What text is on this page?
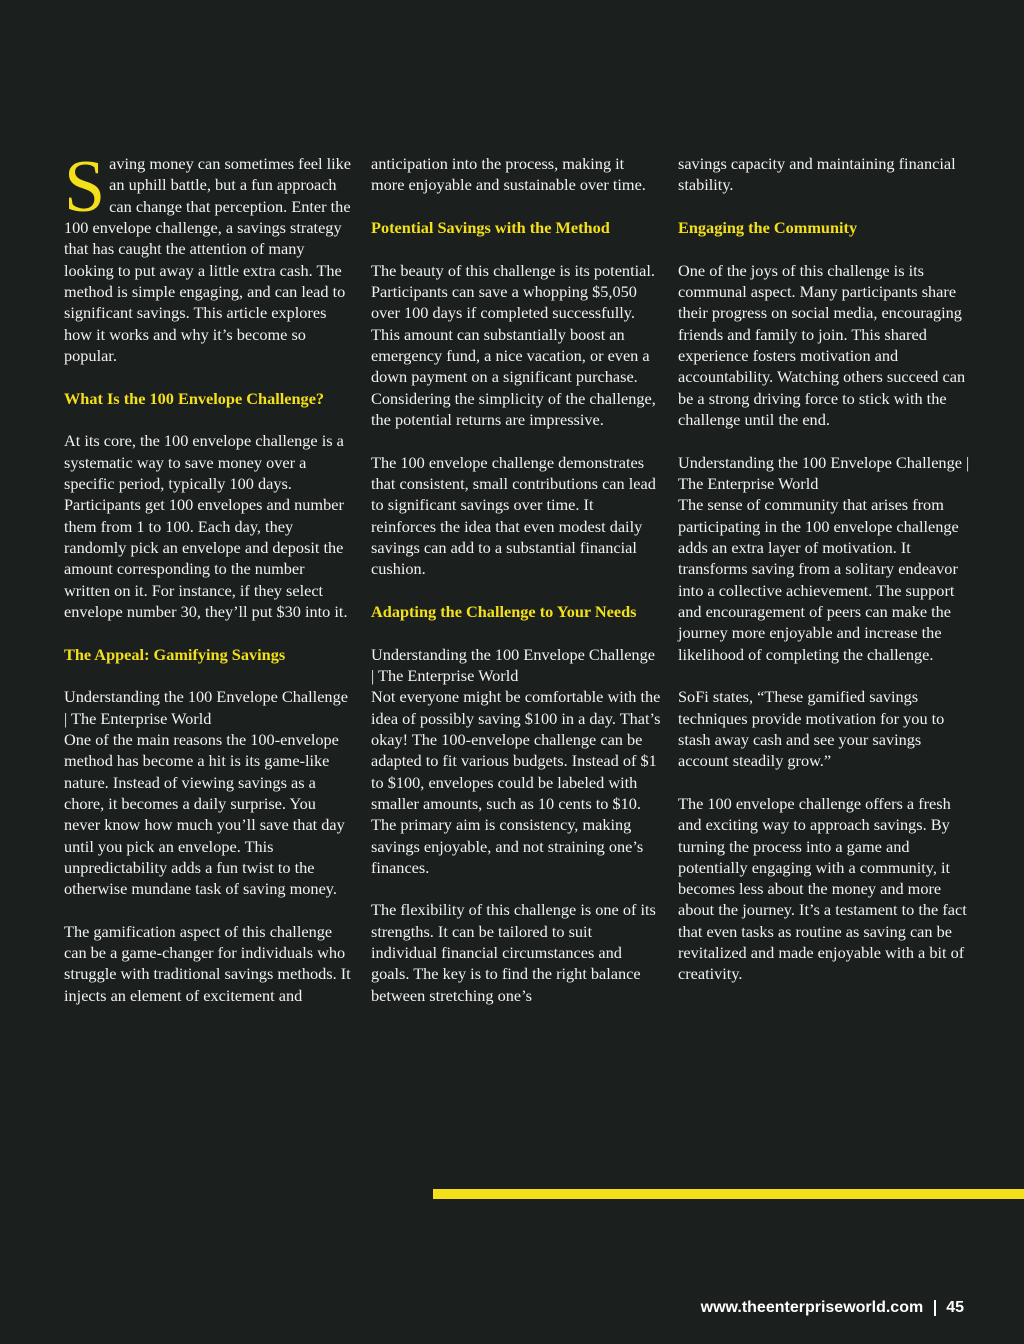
Saving money can sometimes feel like an uphill battle, but a fun approach can change that perception. Enter the 100 envelope challenge, a savings strategy that has caught the attention of many looking to put away a little extra cash. The method is simple engaging, and can lead to significant savings. This article explores how it works and why it’s become so popular.

What Is the 100 Envelope Challenge?

At its core, the 100 envelope challenge is a systematic way to save money over a specific period, typically 100 days. Participants get 100 envelopes and number them from 1 to 100. Each day, they randomly pick an envelope and deposit the amount corresponding to the number written on it. For instance, if they select envelope number 30, they’ll put $30 into it.

The Appeal: Gamifying Savings

Understanding the 100 Envelope Challenge | The Enterprise World
One of the main reasons the 100-envelope method has become a hit is its game-like nature. Instead of viewing savings as a chore, it becomes a daily surprise. You never know how much you’ll save that day until you pick an envelope. This unpredictability adds a fun twist to the otherwise mundane task of saving money.

The gamification aspect of this challenge can be a game-changer for individuals who struggle with traditional savings methods. It injects an element of excitement and

anticipation into the process, making it more enjoyable and sustainable over time.

Potential Savings with the Method

The beauty of this challenge is its potential. Participants can save a whopping $5,050 over 100 days if completed successfully. This amount can substantially boost an emergency fund, a nice vacation, or even a down payment on a significant purchase. Considering the simplicity of the challenge, the potential returns are impressive.

The 100 envelope challenge demonstrates that consistent, small contributions can lead to significant savings over time. It reinforces the idea that even modest daily savings can add to a substantial financial cushion.

Adapting the Challenge to Your Needs

Understanding the 100 Envelope Challenge | The Enterprise World
Not everyone might be comfortable with the idea of possibly saving $100 in a day. That’s okay! The 100-envelope challenge can be adapted to fit various budgets. Instead of $1 to $100, envelopes could be labeled with smaller amounts, such as 10 cents to $10. The primary aim is consistency, making savings enjoyable, and not straining one’s finances.

The flexibility of this challenge is one of its strengths. It can be tailored to suit individual financial circumstances and goals. The key is to find the right balance between stretching one’s

savings capacity and maintaining financial stability.

Engaging the Community

One of the joys of this challenge is its communal aspect. Many participants share their progress on social media, encouraging friends and family to join. This shared experience fosters motivation and accountability. Watching others succeed can be a strong driving force to stick with the challenge until the end.

Understanding the 100 Envelope Challenge | The Enterprise World
The sense of community that arises from participating in the 100 envelope challenge adds an extra layer of motivation. It transforms saving from a solitary endeavor into a collective achievement. The support and encouragement of peers can make the journey more enjoyable and increase the likelihood of completing the challenge.

SoFi states, “These gamified savings techniques provide motivation for you to stash away cash and see your savings account steadily grow.”

The 100 envelope challenge offers a fresh and exciting way to approach savings. By turning the process into a game and potentially engaging with a community, it becomes less about the money and more about the journey. It’s a testament to the fact that even tasks as routine as saving can be revitalized and made enjoyable with a bit of creativity.

www.theenterpriseworld.com 45
